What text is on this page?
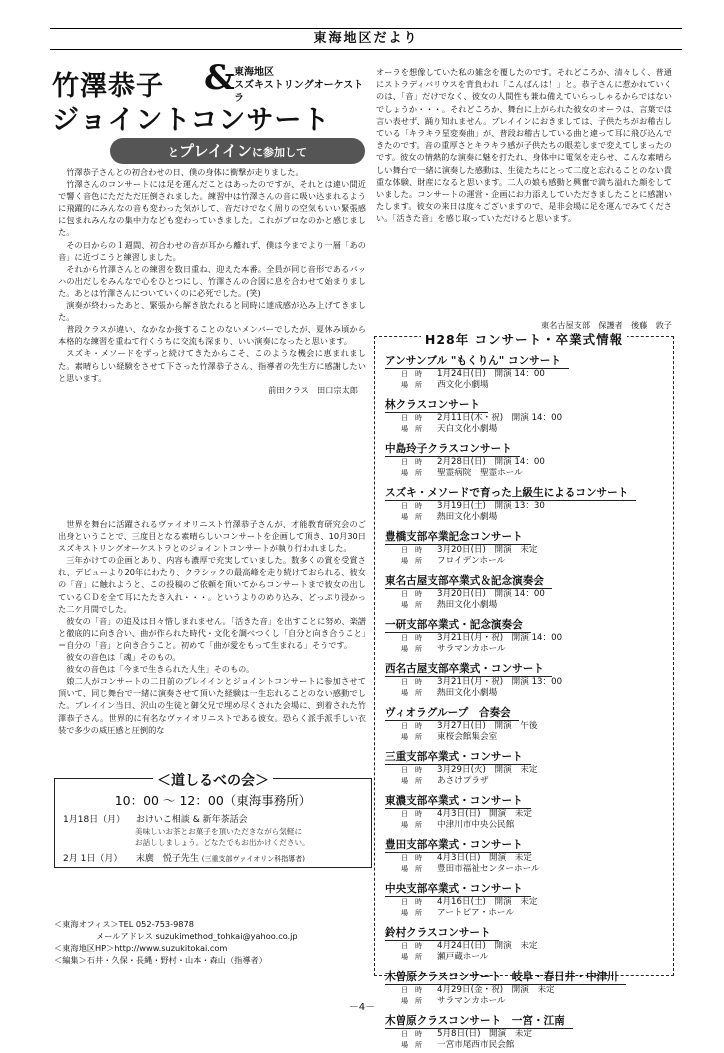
東海地区だより
竹澤恭子 & 東海地区
スズキストリングオーケストラ
ジョイントコンサート
とプレイインに参加して

竹澤恭子さんとの初合わせの日、僕の身体に衝撃が走りました。

竹澤さんのコンサートには足を運んだことはあったのですが、それとは違い間近で響く音色にただただ圧倒されました。練習中は竹澤さんの音に吸い込まれるように飛躍的にみんなの音も変わった気がして、音だけでなく周りの空気もいい緊張感に包まれみんなの集中力なども変わっていきました。これがプロなのかと感じました。

その日からの１週間、初合わせの音が耳から離れず、僕は今までより一層「あの音」に近づこうと練習しました。

それから竹澤さんとの練習を数日重ね、迎えた本番。全員が同じ音形であるバッハの出だしをみんなで心をひとつにし、竹澤さんの合図に息を合わせて始まりました。あとは竹澤さんについていくのに必死でした。(笑)

演奏が終わったあと、緊張から解き放たれると同時に達成感が込み上げてきました。

普段クラスが違い、なかなか接することのないメンバーでしたが、夏休み頃から本格的な練習を重ねて行くうちに交流も深まり、いい演奏になったと思います。

スズキ・メソードをずっと続けてきたからこそ、このような機会に恵まれました。素晴らしい経験をさせて下さった竹澤恭子さん、指導者の先生方に感謝したいと思います。

前田クラス　田口宗太郎

世界を舞台に活躍されるヴァイオリニスト竹澤恭子さんが、才能教育研究会のご出身ということで、三度目となる素晴らしいコンサートを企画して頂き、10月30日スズキストリングオーケストラとのジョイントコンサートが執り行われました。

三年かけての企画とあり、内容も濃厚で充実していました。数多くの賞を受賞され、デビューより20年にわたり、クラシックの最高峰を走り続けておられる、彼女の「音」に触れようと、この投稿のご依頼を頂いてからコンサートまで彼女の出しているＣＤを全て耳にたたき入れ・・・。というよりのめり込み、どっぷり浸かった二ケ月間でした。

彼女の「音」の追及は日々惜しまれません。「活きた音」を出すことに努め、楽譜と徹底的に向き合い、曲が作られた時代・文化を調べつくし「自分と向き合うこと」＝自分の「音」と向き合うこと。初めて「曲が愛をもって生まれる」そうです。

彼女の音色は「魂」そのもの。

彼女の音色は「今まで生きられた人生」そのもの。

娘二人がコンサートの二日前のプレイインとジョイントコンサートに参加させて頂いて、同じ舞台で一緒に演奏させて頂いた経験は一生忘れることのない感動でした。プレイイン当日、沢山の生徒と御父兄で埋め尽くされた会場に、到着された竹澤恭子さん。世界的に有名なヴァイオリニストである彼女。恐らく派手派手しい衣装で多少の威圧感と圧倒的な

オーラを想像していた私の雑念を覆したのです。それどころか、清々しく、普通にストラディバリウスを背負われ「こんばんは！」と。恭子さんに惹かれていくのは、「音」だけでなく、彼女の人間性も兼ね備えていらっしゃるからではないでしょうか・・・。それどころか、舞台に上がられた彼女のオーラは、言葉では言い表せず、踊り知れません。プレイインにおきましては、子供たちがお稽古している「キラキラ星変奏曲」が、普段お稽古している曲と違って耳に飛び込んできたのです。音の重厚さとキラキラ感が子供たちの眼差しまで変えてしまったのです。彼女の情熱的な演奏に魅を打たれ、身体中に電気を走らせ、こんな素晴らしい舞台で一緒に演奏した感動は、生徒たちにとって二度と忘れることのない貴重な体験、財産になると思います。二人の娘も感動と興奮で満ち溢れた顔をしていました。コンサートの運営・企画にお力添えしていただきましたことに感謝いたします。彼女の来日は度々ございますので、是非会場に足を運んでみてください。「活きた音」を感じ取っていただけると思います。

東名古屋支部　保護者　後藤　敦子
＜道しるべの会＞
10：00 ～ 12：00（東海事務所）
1月18日（月） おけいこ相談 & 新年茶話会
美味しいお茶とお菓子を頂いただきながら気軽に
お話ししましょう。どなたでもお出かけください。
2月 1日（月） 末廣　悦子先生 (三重支部ヴァイオリン科指導者)
＜東海オフィス＞TEL 052-753-9878
メールアドレス suzukimethod_tohkai@yahoo.co.jp
＜東海地区HP＞http://www.suzukitokai.com
＜編集＞石井・久保・長縄・野村・山本・森山（指導者）
H28年 コンサート・卒業式情報
アンサンブル "もくりん" コンサート

日　時 1月24日(日)　開演 14：00
場　所 西文化小劇場
林クラスコンサート

日　時 2月11日(木・祝)　開演 14：00
場　所 天白文化小劇場
中島玲子クラスコンサート

日　時 2月28日(日)　開演 14：00
場　所 聖霊病院　聖霊ホール
スズキ・メソードで育った上級生によるコンサート

日　時 3月19日(土)　開演 13：30
場　所 熱田文化小劇場
豊橋支部卒業記念コンサート

日　時 3月20日(日)　開演　未定
場　所 フロイデンホール
東名古屋支部卒業式＆記念演奏会

日　時 3月20日(日)　開演 14：00
場　所 熱田文化小劇場
一研支部卒業式・記念演奏会

日　時 3月21日(月・祝)　開演 14：00
場　所 サラマンカホール
西名古屋支部卒業式・コンサート

日　時 3月21日(月・祝)　開演 13：00
場　所 熱田文化小劇場
ヴィオラグループ　合奏会

日　時 3月27日(日)　開演　午後
場　所 東桜会館集会室
三重支部卒業式・コンサート

日　時 3月29日(火)　開演　未定
場　所 あさけプラザ
東濃支部卒業式・コンサート

日　時 4月3日(日)　開演　未定
場　所 中津川市中央公民館
豊田支部卒業式・コンサート

日　時 4月3日(日)　開演　未定
場　所 豊田市福祉センターホール
中央支部卒業式・コンサート

日　時 4月16日(土)　開演　未定
場　所 アートピア・ホール
鈴村クラスコンサート

日　時 4月24日(日)　開演　未定
場　所 瀬戸蔵ホール
木曽原クラスコンサート　岐阜・春日井・中津川

日　時 4月29日(金・祝)　開演　未定
場　所 サラマンカホール
木曽原クラスコンサート　一宮・江南

日　時 5月8日(日)　開演　未定
場　所 一宮市尾西市民会館
－4－
